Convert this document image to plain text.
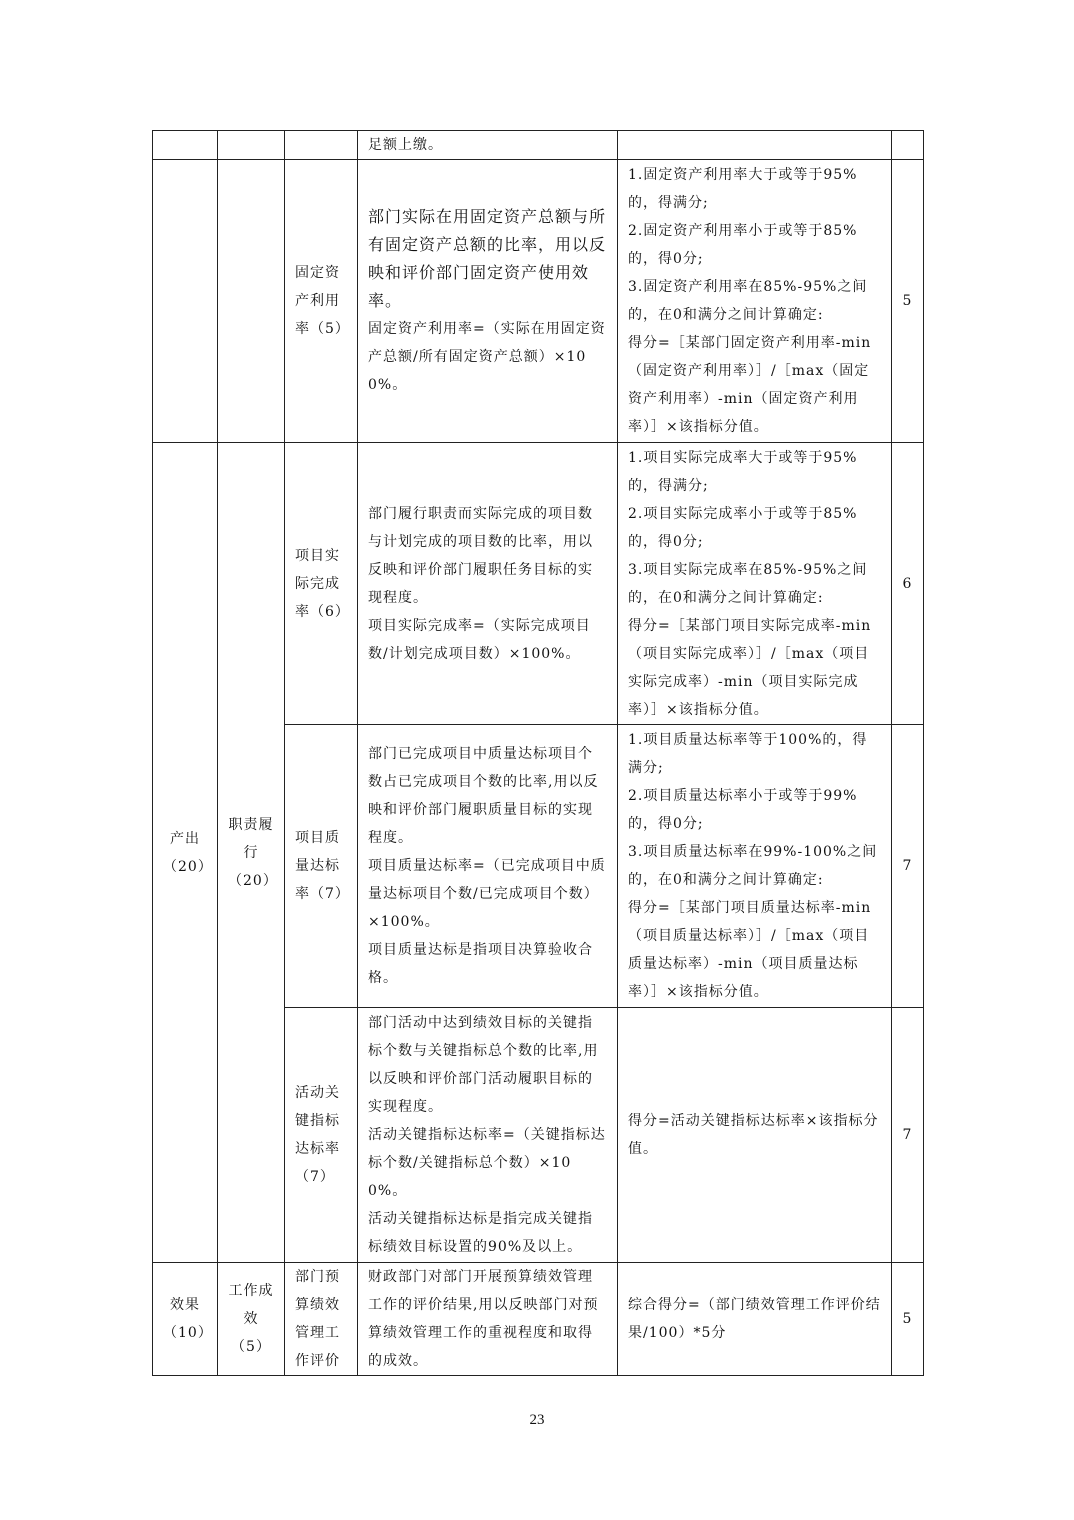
			足额上缴。		
		固定资产利用率（5）	部门实际在用固定资产总额与所有固定资产总额的比率，用以反映和评价部门固定资产使用效率。
固定资产利用率=（实际在用固定资产总额/所有固定资产总额）×100%。	1.固定资产利用率大于或等于95%的，得满分;
2.固定资产利用率小于或等于85%的，得0分;
3.固定资产利用率在85%-95%之间的，在0和满分之间计算确定:
得分=［某部门固定资产利用率-min（固定资产利用率）］/［max（固定资产利用率）-min（固定资产利用率）］×该指标分值。	5
产出（20）	职责履行（20）	项目实际完成率（6）	部门履行职责而实际完成的项目数与计划完成的项目数的比率，用以反映和评价部门履职任务目标的实现程度。
项目实际完成率=（实际完成项目数/计划完成项目数）×100%。	1.项目实际完成率大于或等于95%的，得满分;
2.项目实际完成率小于或等于85%的，得0分;
3.项目实际完成率在85%-95%之间的，在0和满分之间计算确定:
得分=［某部门项目实际完成率-min（项目实际完成率）］/［max（项目实际完成率）-min（项目实际完成率）］×该指标分值。	6
		项目质量达标率（7）	部门已完成项目中质量达标项目个数占已完成项目个数的比率,用以反映和评价部门履职质量目标的实现程度。
项目质量达标率=（已完成项目中质量达标项目个数/已完成项目个数）×100%。
项目质量达标是指项目决算验收合格。	1.项目质量达标率等于100%的，得满分;
2.项目质量达标率小于或等于99%的，得0分;
3.项目质量达标率在99%-100%之间的，在0和满分之间计算确定:
得分=［某部门项目质量达标率-min（项目质量达标率）］/［max（项目质量达标率）-min（项目质量达标率）］×该指标分值。	7
		活动关键指标达标率（7）	部门活动中达到绩效目标的关键指标个数与关键指标总个数的比率,用以反映和评价部门活动履职目标的实现程度。
活动关键指标达标率=（关键指标达标个数/关键指标总个数）×100%。
活动关键指标达标是指完成关键指标绩效目标设置的90%及以上。	得分=活动关键指标达标率×该指标分值。	7
效果（10）	工作成效（5）	部门预算绩效管理工作评价	财政部门对部门开展预算绩效管理工作的评价结果,用以反映部门对预算绩效管理工作的重视程度和取得的成效。	综合得分=（部门绩效管理工作评价结果/100）*5分	5
23
